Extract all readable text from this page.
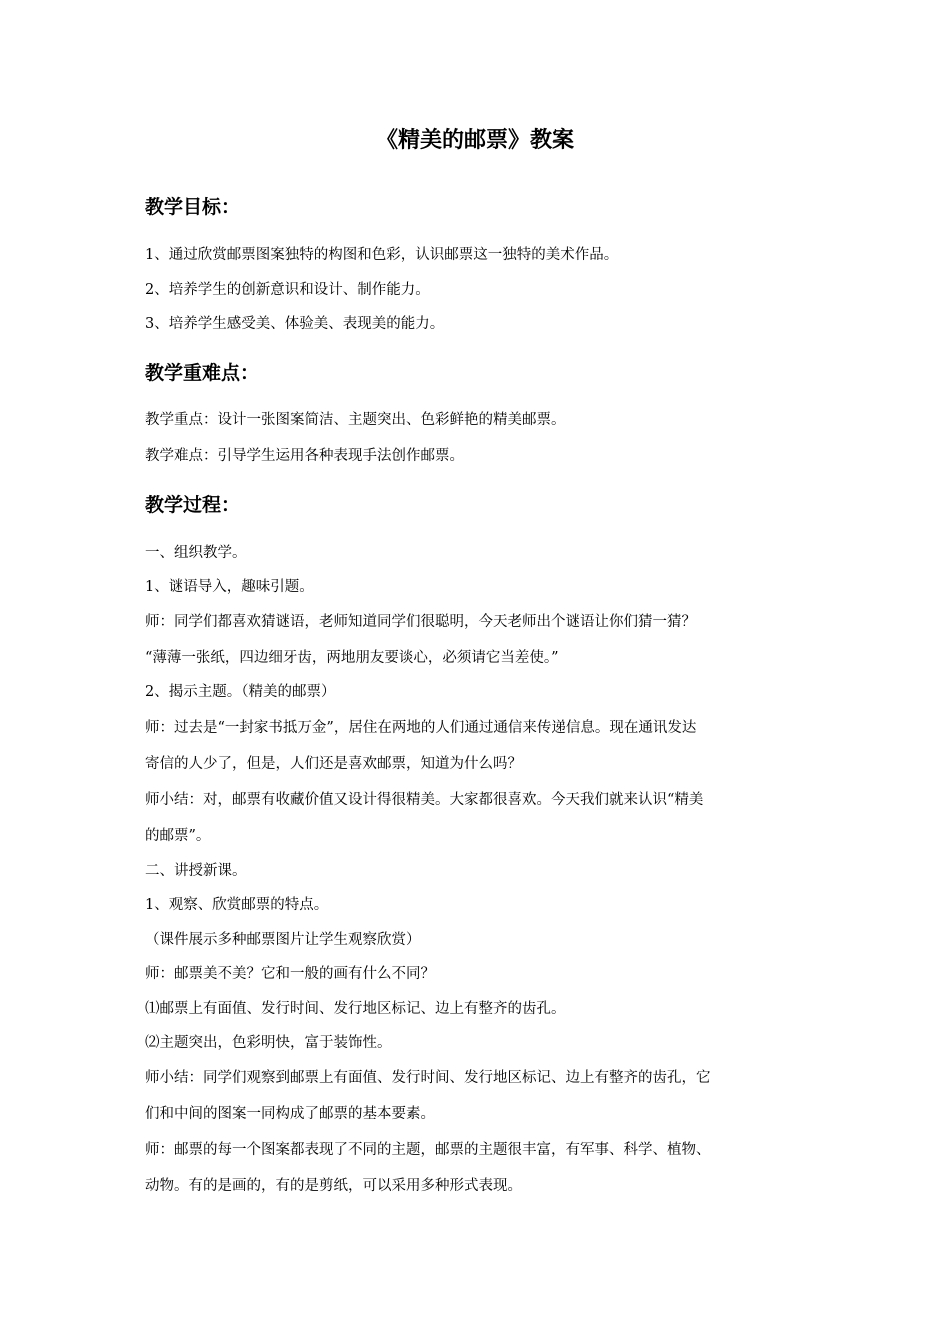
《精美的邮票》教案
教学目标：
1、通过欣赏邮票图案独特的构图和色彩，认识邮票这一独特的美术作品。
2、培养学生的创新意识和设计、制作能力。
3、培养学生感受美、体验美、表现美的能力。
教学重难点：
教学重点：设计一张图案简洁、主题突出、色彩鲜艳的精美邮票。
教学难点：引导学生运用各种表现手法创作邮票。
教学过程：
一、组织教学。
1、谜语导入，趣味引题。
师：同学们都喜欢猜谜语，老师知道同学们很聪明，今天老师出个谜语让你们猜一猜？
“薄薄一张纸，四边细牙齿，两地朋友要谈心，必须请它当差使。”
2、揭示主题。（精美的邮票）
师：过去是“一封家书抵万金”，居住在两地的人们通过通信来传递信息。现在通讯发达
寄信的人少了，但是，人们还是喜欢邮票，知道为什么吗？
师小结：对，邮票有收藏价值又设计得很精美。大家都很喜欢。今天我们就来认识“精美
的邮票”。
二、讲授新课。
1、观察、欣赏邮票的特点。
（课件展示多种邮票图片让学生观察欣赏）
师：邮票美不美？它和一般的画有什么不同？
⑴邮票上有面值、发行时间、发行地区标记、边上有整齐的齿孔。
⑵主题突出，色彩明快，富于装饰性。
师小结：同学们观察到邮票上有面值、发行时间、发行地区标记、边上有整齐的齿孔，它
们和中间的图案一同构成了邮票的基本要素。
师：邮票的每一个图案都表现了不同的主题，邮票的主题很丰富，有军事、科学、植物、
动物。有的是画的，有的是剪纸，可以采用多种形式表现。
